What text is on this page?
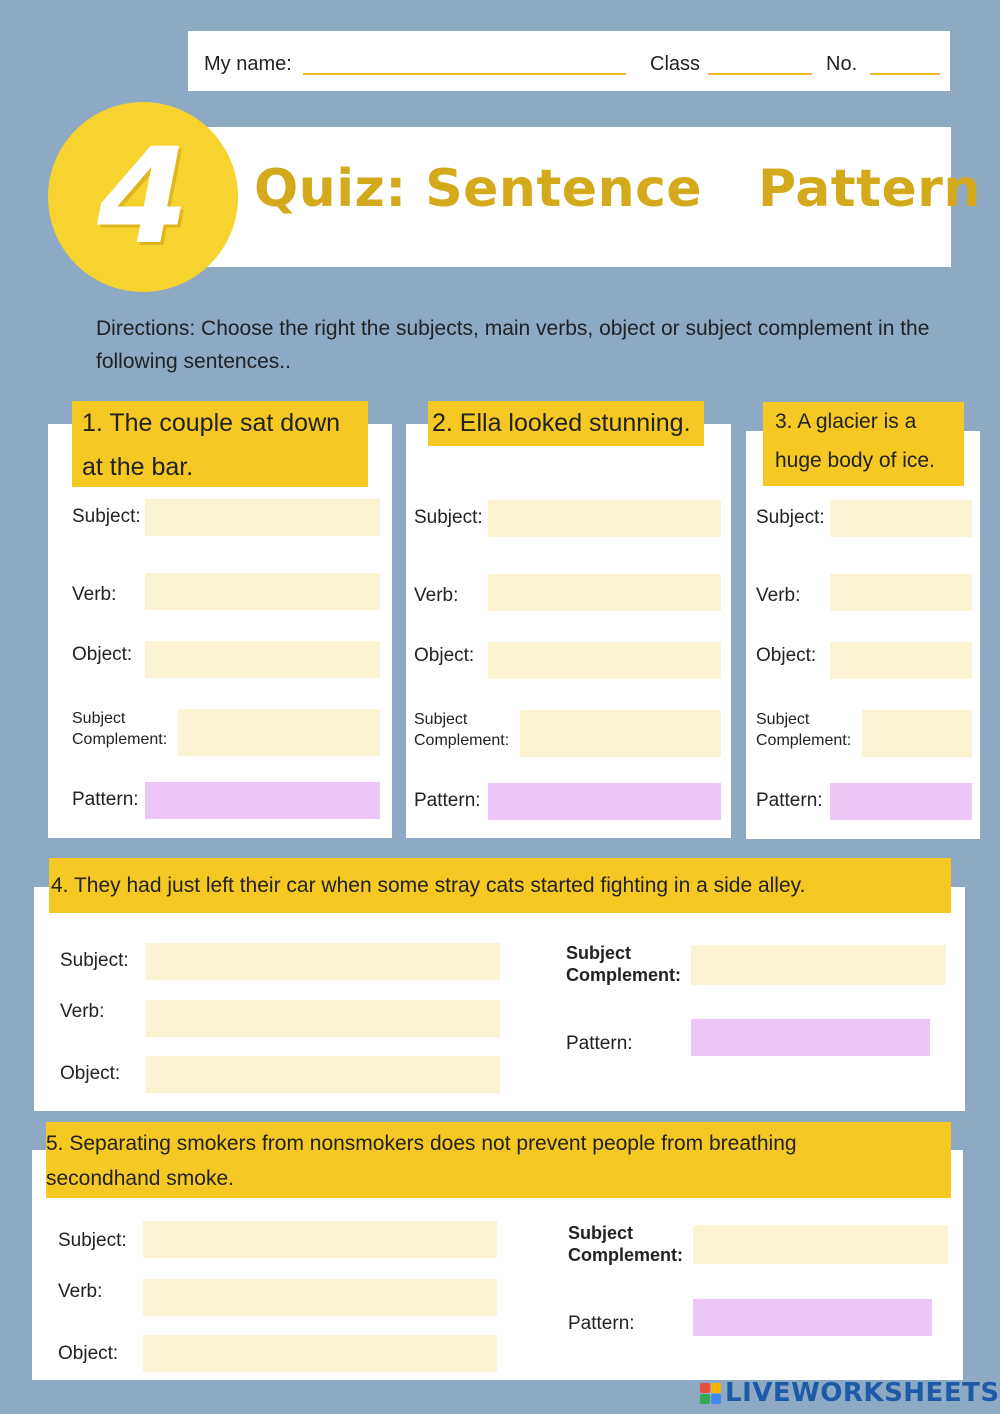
My name:	Class	No.
Quiz: Sentence   Pattern
4
Directions: Choose the right the subjects, main verbs, object or subject complement in the following sentences..
Subject:
Verb:
Object:
Subject
Complement:
Pattern:
1. The couple sat down
at the bar.
Subject:
Verb:
Object:
Subject
Complement:
Pattern:
2. Ella looked stunning.
Subject:
Verb:
Object:
Subject
Complement:
Pattern:
3. A glacier is a
huge body of ice.
Subject:
Verb:
Object:
Subject
Complement:
Pattern:
4. They had just left their car when some stray cats started fighting in a side alley.
Subject:
Verb:
Object:
Subject
Complement:
Pattern:
5. Separating smokers from nonsmokers does not prevent people from breathing
secondhand smoke.
LIVEWORKSHEETS
